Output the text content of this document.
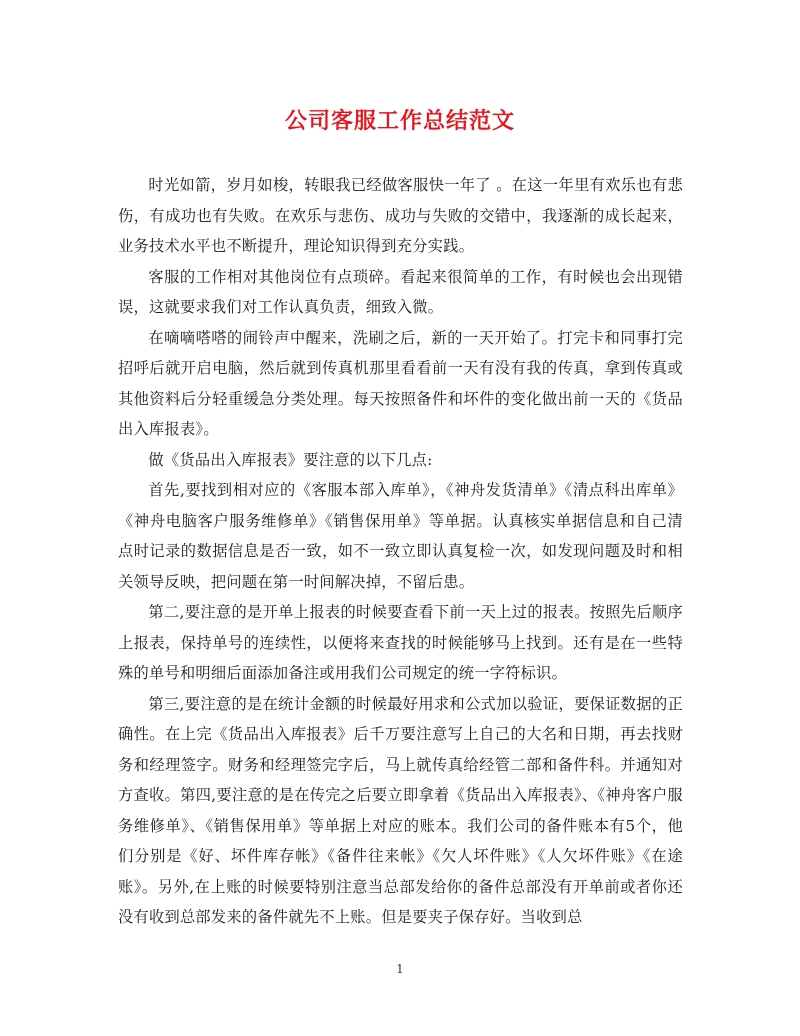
公司客服工作总结范文

时光如箭，岁月如梭，转眼我已经做客服快一年了 。在这一年里有欢乐也有悲伤，有成功也有失败。在欢乐与悲伤、成功与失败的交错中，我逐渐的成长起来，业务技术水平也不断提升，理论知识得到充分实践。

客服的工作相对其他岗位有点琐碎。看起来很简单的工作，有时候也会出现错误，这就要求我们对工作认真负责，细致入微。

在嘀嘀嗒嗒的闹铃声中醒来，洗刷之后，新的一天开始了。打完卡和同事打完招呼后就开启电脑，然后就到传真机那里看看前一天有没有我的传真，拿到传真或其他资料后分轻重缓急分类处理。每天按照备件和坏件的变化做出前一天的《货品出入库报表》。

做《货品出入库报表》要注意的以下几点:

首先,要找到相对应的《客服本部入库单》，《神舟发货清单》《清点科出库单》《神舟电脑客户服务维修单》《销售保用单》等单据。认真核实单据信息和自己清点时记录的数据信息是否一致，如不一致立即认真复检一次，如发现问题及时和相关领导反映，把问题在第一时间解决掉，不留后患。

第二,要注意的是开单上报表的时候要查看下前一天上过的报表。按照先后顺序上报表，保持单号的连续性，以便将来查找的时候能够马上找到。还有是在一些特殊的单号和明细后面添加备注或用我们公司规定的统一字符标识。

第三,要注意的是在统计金额的时候最好用求和公式加以验证，要保证数据的正确性。在上完《货品出入库报表》后千万要注意写上自己的大名和日期，再去找财务和经理签字。财务和经理签完字后，马上就传真给经管二部和备件科。并通知对方查收。第四,要注意的是在传完之后要立即拿着《货品出入库报表》、《神舟客户服务维修单》、《销售保用单》等单据上对应的账本。我们公司的备件账本有5个，他们分别是《好、坏件库存帐》《备件往来帐》《欠人坏件账》《人欠坏件账》《在途账》。另外,在上账的时候要特别注意当总部发给你的备件总部没有开单前或者你还没有收到总部发来的备件就先不上账。但是要夹子保存好。当收到总

1
